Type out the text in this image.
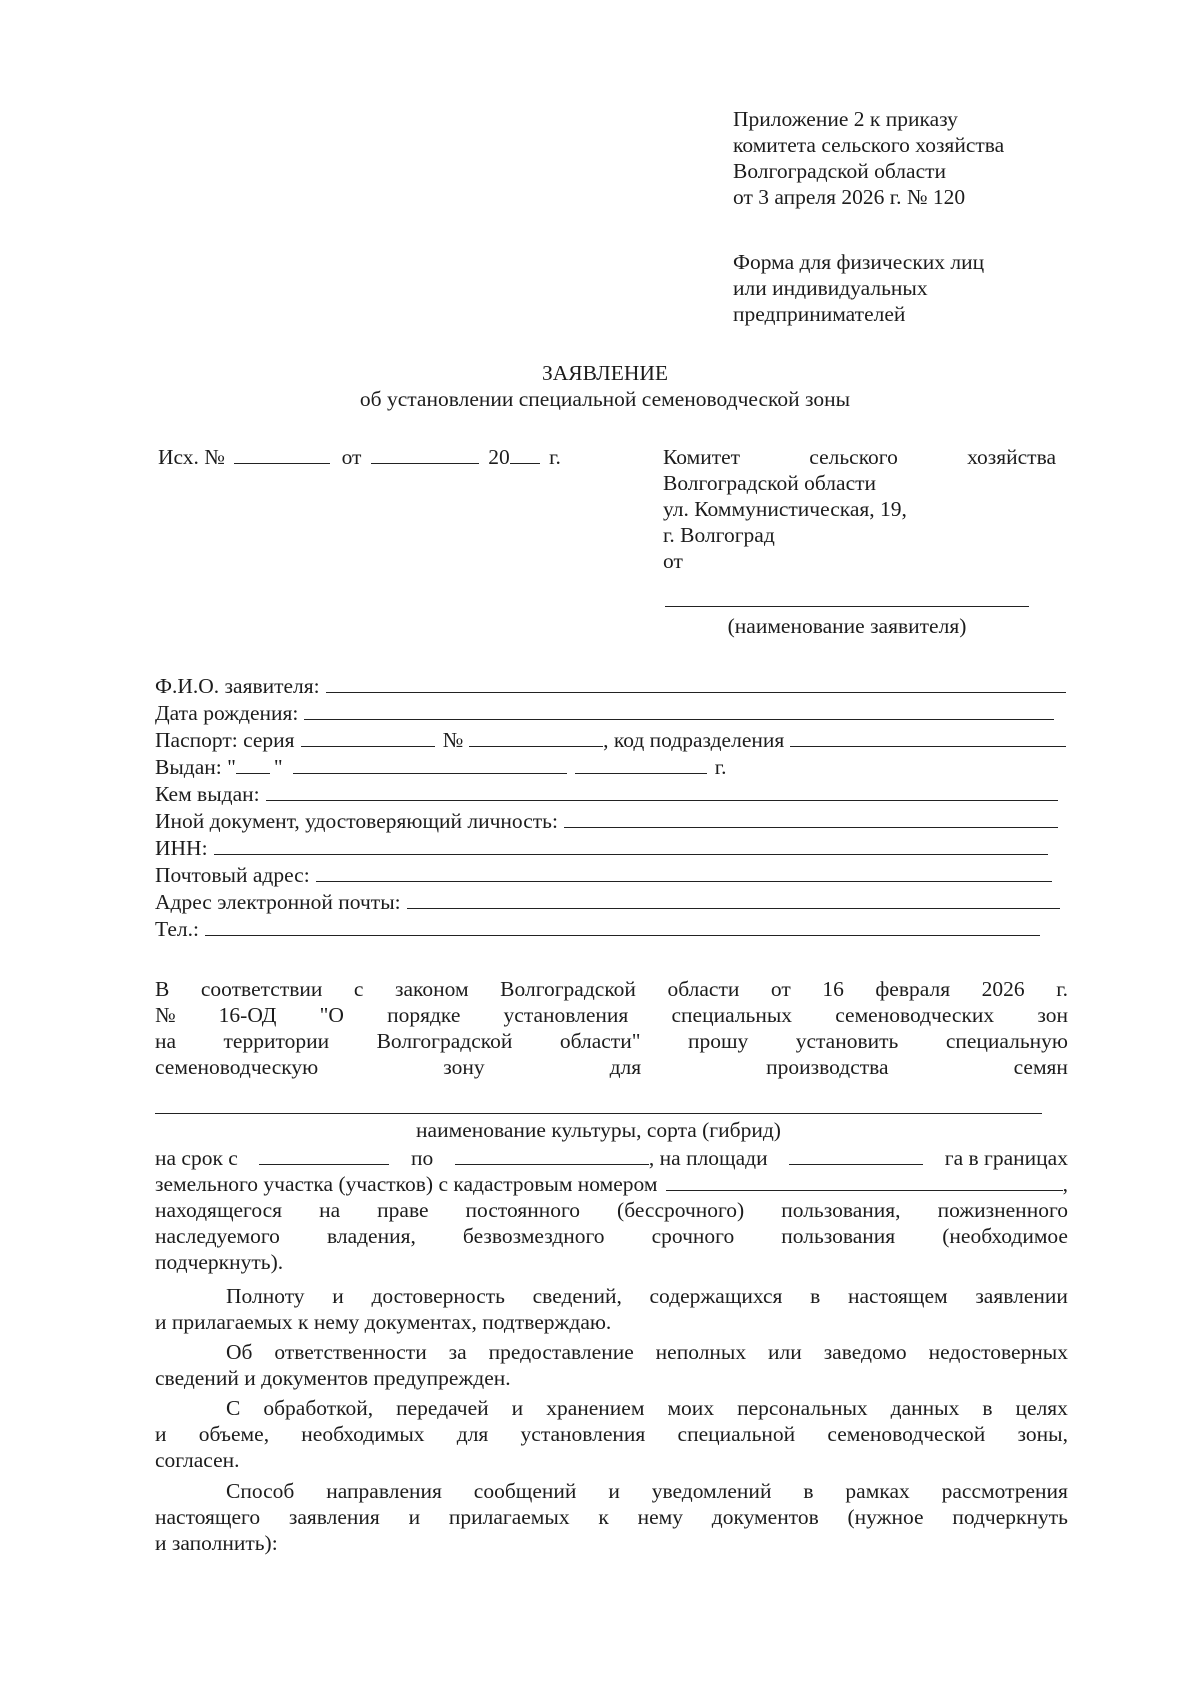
Приложение 2 к приказу
комитета сельского хозяйства
Волгоградской области
от 3 апреля 2026 г. № 120
Форма для физических лиц
или индивидуальных
предпринимателей
ЗАЯВЛЕНИЕ
об установлении специальной семеноводческой зоны
Исх. №	от	20 г.	Комитет	сельского	хозяйства
Волгоградской области
ул. Коммунистическая, 19,
г. Волгоград
от
(наименование заявителя)
Ф.И.О. заявителя:
Дата рождения:
Паспорт: серия	№	, код подразделения
Выдан: " "	г.
Кем выдан:
Иной документ, удостоверяющий личность:
ИНН:
Почтовый адрес:
Адрес электронной почты:
Тел.:
В соответствии с законом Волгоградской области от 16 февраля 2026 г.
№ 16-ОД "О порядке установления специальных семеноводческих зон
на территории Волгоградской области" прошу установить специальную
семеноводческую	зону	для	производства	семян
наименование культуры, сорта (гибрид)
на срок с	по	, на площади	га в границах
земельного участка (участков) с кадастровым номером	,
находящегося на праве постоянного (бессрочного) пользования, пожизненного
наследуемого владения, безвозмездного срочного пользования (необходимое
подчеркнуть).
Полноту и достоверность сведений, содержащихся в настоящем заявлении
и прилагаемых к нему документах, подтверждаю.
Об ответственности за предоставление неполных или заведомо недостоверных
сведений и документов предупрежден.
С обработкой, передачей и хранением моих персональных данных в целях
и объеме, необходимых для установления специальной семеноводческой зоны,
согласен.
Способ направления сообщений и уведомлений в рамках рассмотрения
настоящего заявления и прилагаемых к нему документов (нужное подчеркнуть
и заполнить):
